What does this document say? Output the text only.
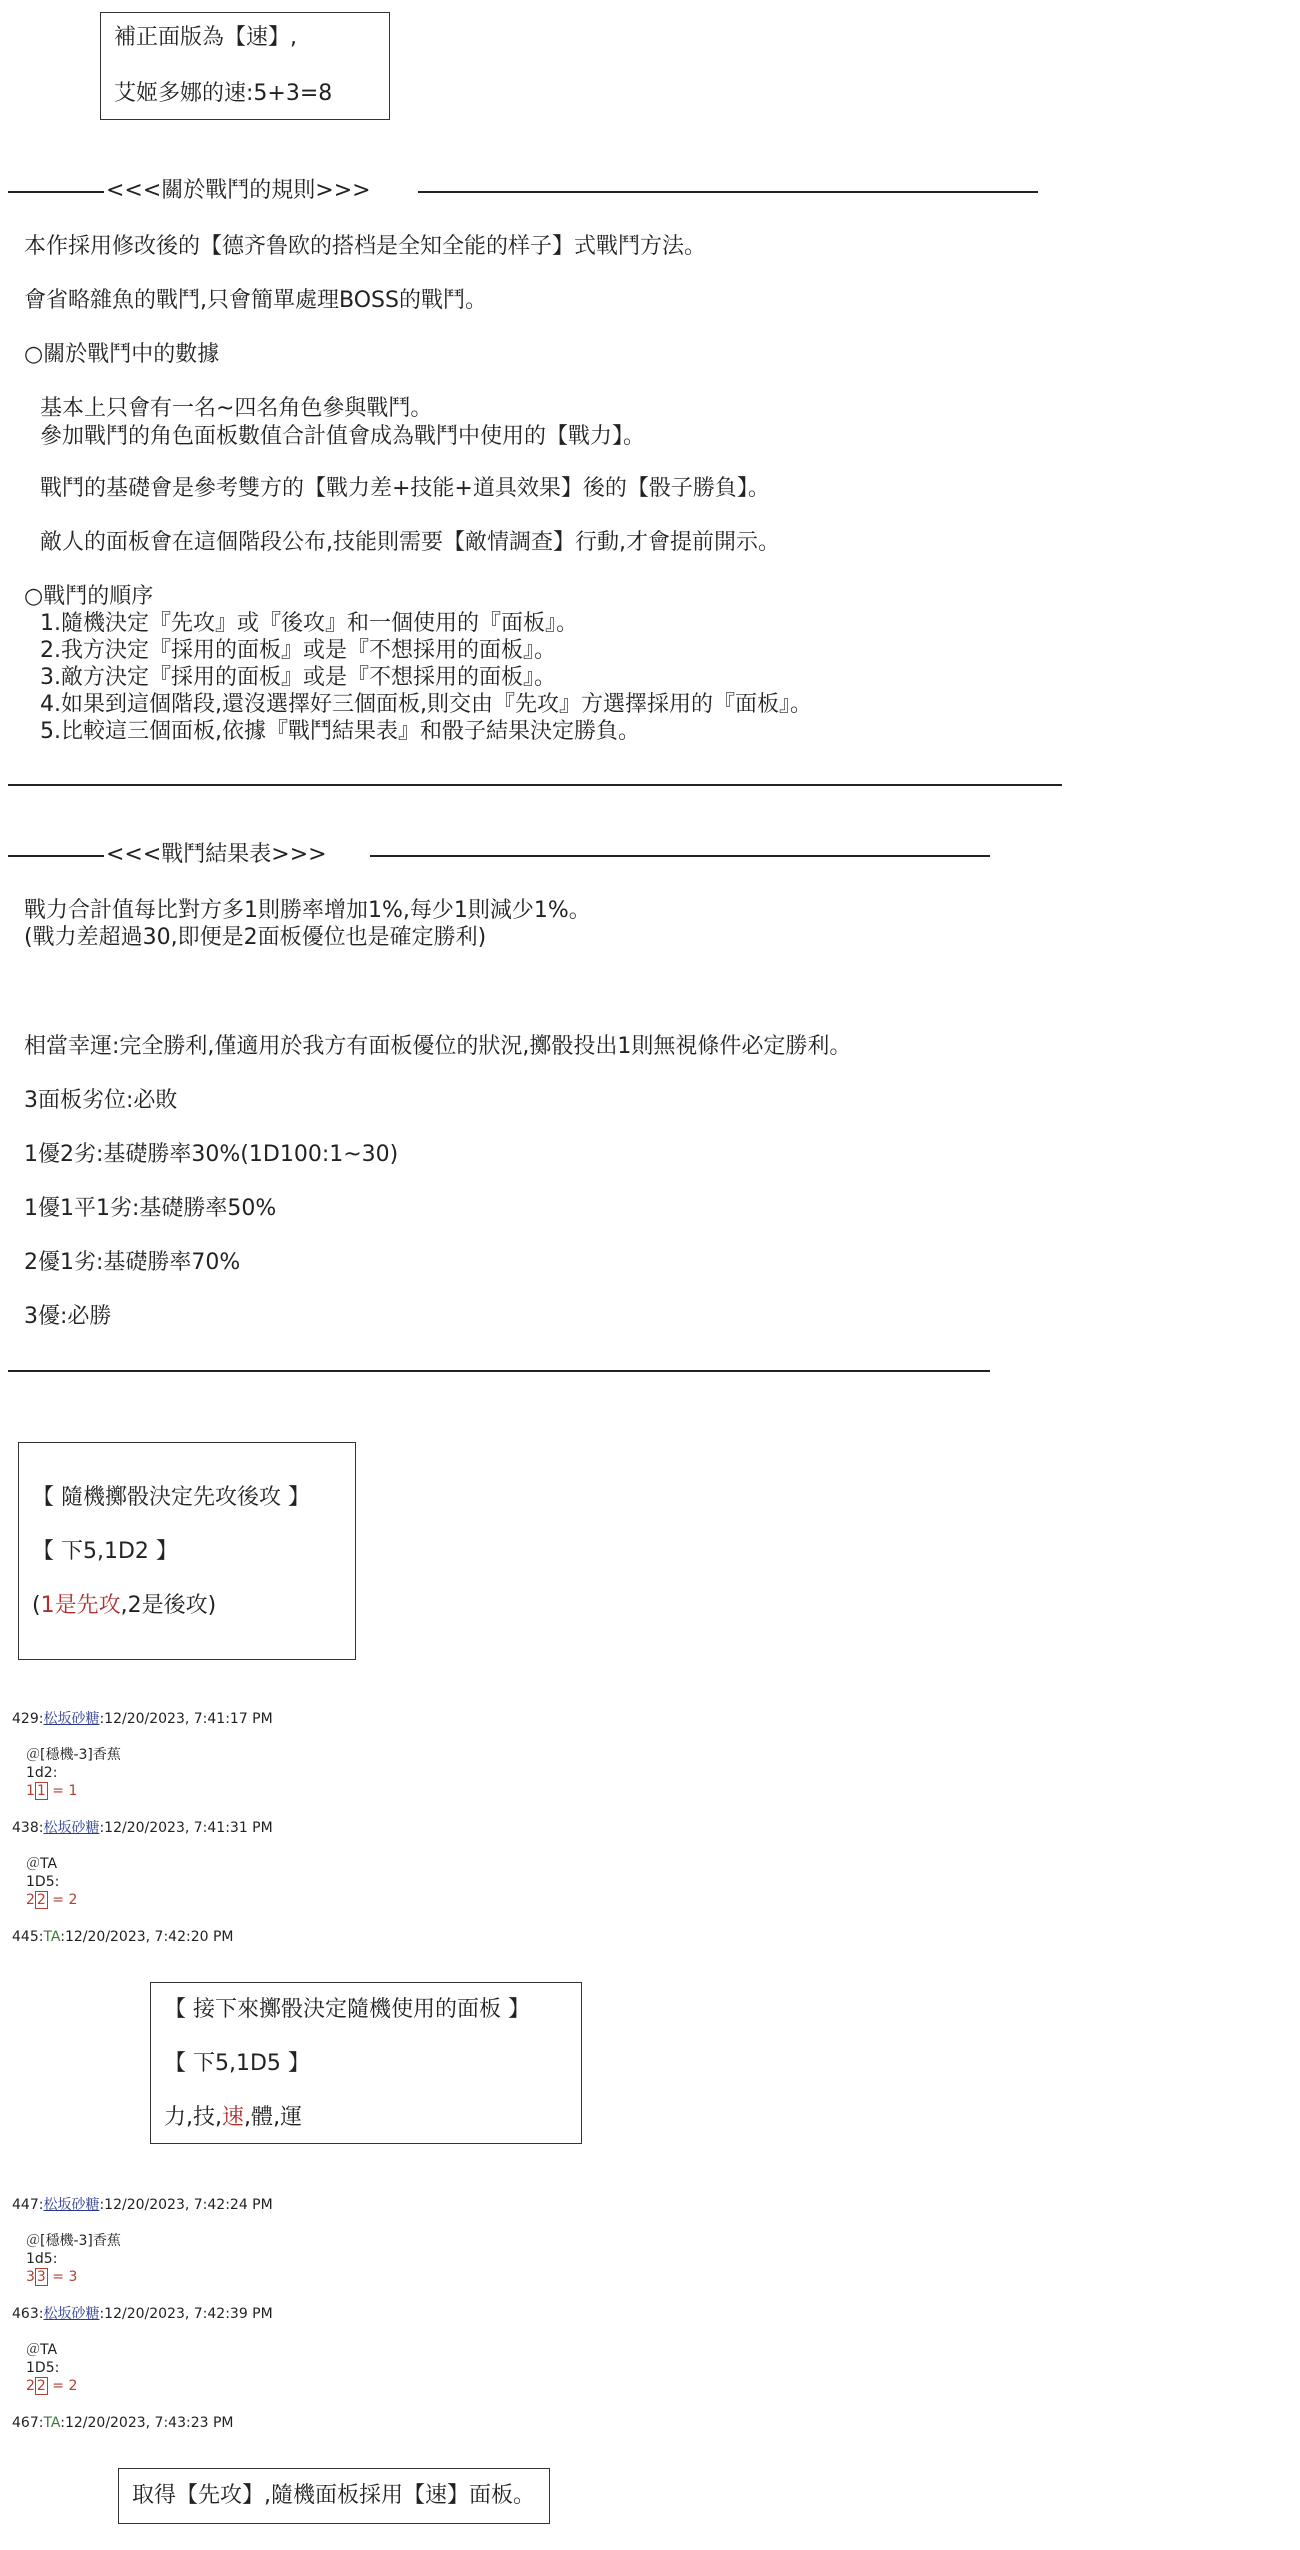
補正面版為【速】,
艾姬多娜的速:5+3=8
<<<關於戰鬥的規則>>>
本作採用修改後的【德齐鲁欧的搭档是全知全能的样子】式戰鬥方法。
會省略雜魚的戰鬥,只會簡單處理BOSS的戰鬥。
○關於戰鬥中的數據
基本上只會有一名~四名角色參與戰鬥。
參加戰鬥的角色面板數值合計值會成為戰鬥中使用的【戰力】。
戰鬥的基礎會是參考雙方的【戰力差+技能+道具效果】後的【骰子勝負】。
敵人的面板會在這個階段公布,技能則需要【敵情調查】行動,才會提前開示。
○戰鬥的順序
1.隨機決定『先攻』或『後攻』和一個使用的『面板』。
2.我方決定『採用的面板』或是『不想採用的面板』。
3.敵方決定『採用的面板』或是『不想採用的面板』。
4.如果到這個階段,還沒選擇好三個面板,則交由『先攻』方選擇採用的『面板』。
5.比較這三個面板,依據『戰鬥結果表』和骰子結果決定勝負。
<<<戰鬥結果表>>>
戰力合計值每比對方多1則勝率增加1%,每少1則減少1%。
(戰力差超過30,即便是2面板優位也是確定勝利)
相當幸運:完全勝利,僅適用於我方有面板優位的狀況,擲骰投出1則無視條件必定勝利。
3面板劣位:必敗
1優2劣:基礎勝率30%(1D100:1~30)
1優1平1劣:基礎勝率50%
2優1劣:基礎勝率70%
3優:必勝
【 隨機擲骰決定先攻後攻 】
【 下5,1D2 】
(1是先攻,2是後攻)
429:松坂砂糖:12/20/2023, 7:41:17 PM
＠[穩機-3]香蕉
1d2:
1 1 = 1
438:松坂砂糖:12/20/2023, 7:41:31 PM
＠TA
1D5:
2 2 = 2
445:TA:12/20/2023, 7:42:20 PM
【 接下來擲骰決定隨機使用的面板 】
【 下5,1D5 】
力,技,速,體,運
447:松坂砂糖:12/20/2023, 7:42:24 PM
＠[穩機-3]香蕉
1d5:
3 3 = 3
463:松坂砂糖:12/20/2023, 7:42:39 PM
＠TA
1D5:
2 2 = 2
467:TA:12/20/2023, 7:43:23 PM
取得【先攻】,隨機面板採用【速】面板。
